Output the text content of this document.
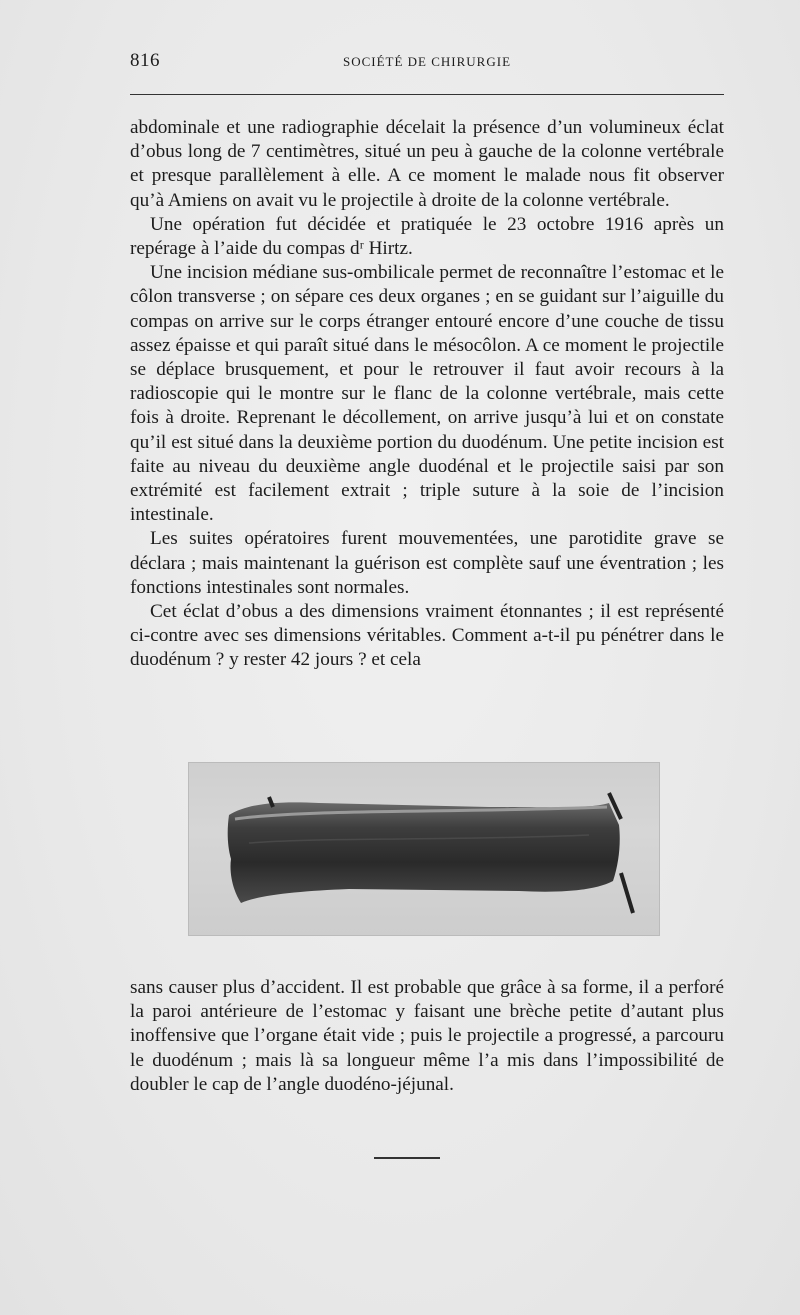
816	SOCIÉTÉ DE CHIRURGIE

abdominale et une radiographie décelait la présence d’un volumineux éclat d’obus long de 7 centimètres, situé un peu à gauche de la colonne vertébrale et presque parallèlement à elle. A ce moment le malade nous fit observer qu’à Amiens on avait vu le projectile à droite de la colonne vertébrale.

Une opération fut décidée et pratiquée le 23 octobre 1916 après un repérage à l’aide du compas dʳ Hirtz.

Une incision médiane sus-ombilicale permet de reconnaître l’estomac et le côlon transverse ; on sépare ces deux organes ; en se guidant sur l’aiguille du compas on arrive sur le corps étranger entouré encore d’une couche de tissu assez épaisse et qui paraît situé dans le mésocôlon. A ce moment le projectile se déplace brusquement, et pour le retrouver il faut avoir recours à la radioscopie qui le montre sur le flanc de la colonne vertébrale, mais cette fois à droite. Reprenant le décollement, on arrive jusqu’à lui et on constate qu’il est situé dans la deuxième portion du duodénum. Une petite incision est faite au niveau du deuxième angle duodénal et le projectile saisi par son extrémité est facilement extrait ; triple suture à la soie de l’incision intestinale.

Les suites opératoires furent mouvementées, une parotidite grave se déclara ; mais maintenant la guérison est complète sauf une éventration ; les fonctions intestinales sont normales.

Cet éclat d’obus a des dimensions vraiment étonnantes ; il est représenté ci-contre avec ses dimensions véritables. Comment a-t-il pu pénétrer dans le duodénum ? y rester 42 jours ? et cela

sans causer plus d’accident. Il est probable que grâce à sa forme, il a perforé la paroi antérieure de l’estomac y faisant une brèche petite d’autant plus inoffensive que l’organe était vide ; puis le projectile a progressé, a parcouru le duodénum ; mais là sa longueur même l’a mis dans l’impossibilité de doubler le cap de l’angle duodéno-jéjunal.
